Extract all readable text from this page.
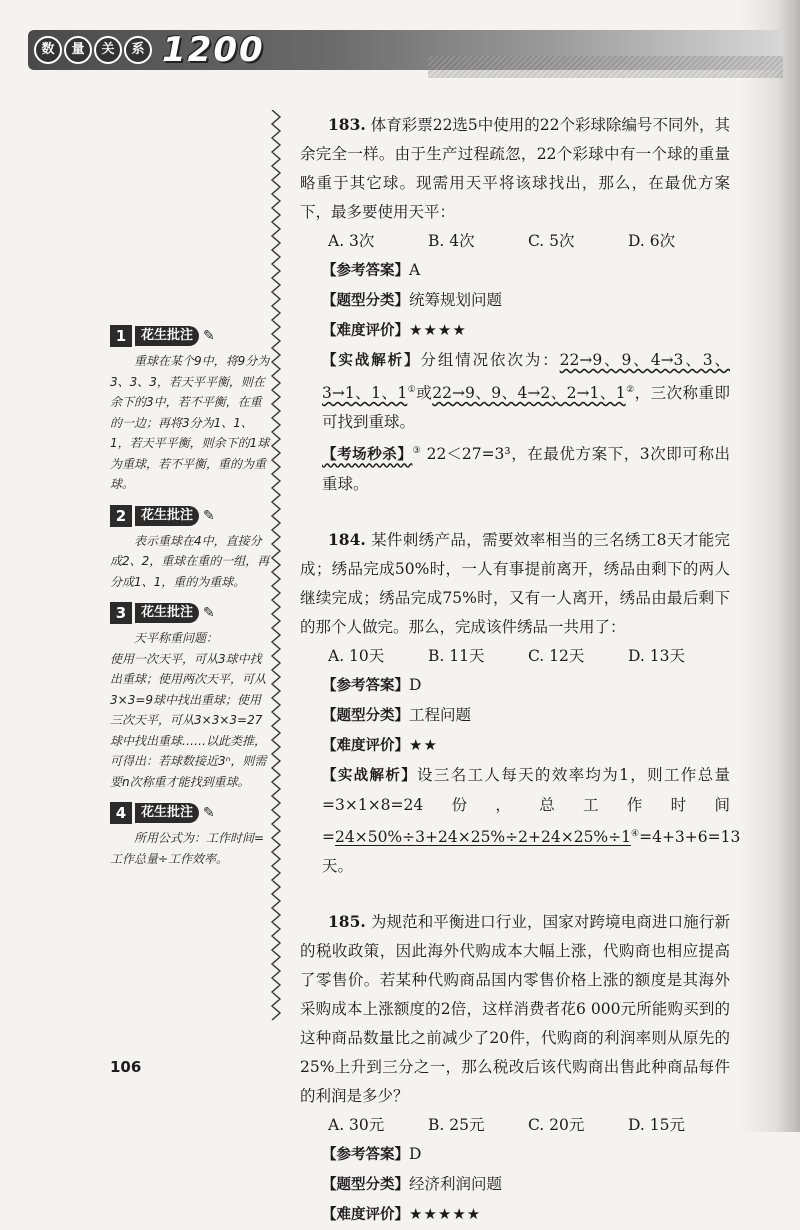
数 量 关 系 1200
1	花生批注 ✎
重球在某个9中，将9分为3、3、3，若天平平衡，则在余下的3中，若不平衡，在重的一边；再将3分为1、1、1，若天平平衡，则余下的1球为重球，若不平衡，重的为重球。
2	花生批注 ✎
表示重球在4中，直接分成2、2，重球在重的一组，再分成1、1，重的为重球。
3	花生批注 ✎
天平称重问题：
使用一次天平，可从3球中找出重球；使用两次天平，可从3×3=9球中找出重球；使用三次天平，可从3×3×3=27球中找出重球……以此类推，可得出：若球数接近3ⁿ，则需要n次称重才能找到重球。
4	花生批注 ✎
所用公式为：工作时间=工作总量÷工作效率。

183. 体育彩票22选5中使用的22个彩球除编号不同外，其余完全一样。由于生产过程疏忽，22个彩球中有一个球的重量略重于其它球。现需用天平将该球找出，那么，在最优方案下，最多要使用天平：

A. 3次	B. 4次	C. 5次	D. 6次

【参考答案】A

【题型分类】统筹规划问题

【难度评价】★★★★

【实战解析】分组情况依次为：22→9、9、4→3、3、3→1、1、1①或22→9、9、4→2、2→1、1②，三次称重即可找到重球。

【考场秒杀】③ 22＜27=3³，在最优方案下，3次即可称出重球。

184. 某件刺绣产品，需要效率相当的三名绣工8天才能完成；绣品完成50%时，一人有事提前离开，绣品由剩下的两人继续完成；绣品完成75%时，又有一人离开，绣品由最后剩下的那个人做完。那么，完成该件绣品一共用了：

A. 10天	B. 11天	C. 12天	D. 13天

【参考答案】D

【题型分类】工程问题

【难度评价】★★

【实战解析】设三名工人每天的效率均为1，则工作总量=3×1×8=24份，总工作时间=24×50%÷3+24×25%÷2+24×25%÷1④=4+3+6=13天。

185. 为规范和平衡进口行业，国家对跨境电商进口施行新的税收政策，因此海外代购成本大幅上涨，代购商也相应提高了零售价。若某种代购商品国内零售价格上涨的额度是其海外采购成本上涨额度的2倍，这样消费者花6 000元所能购买到的这种商品数量比之前减少了20件，代购商的利润率则从原先的25%上升到三分之一，那么税改后该代购商出售此种商品每件的利润是多少？

A. 30元	B. 25元	C. 20元	D. 15元

【参考答案】D

【题型分类】经济利润问题

【难度评价】★★★★★

106
